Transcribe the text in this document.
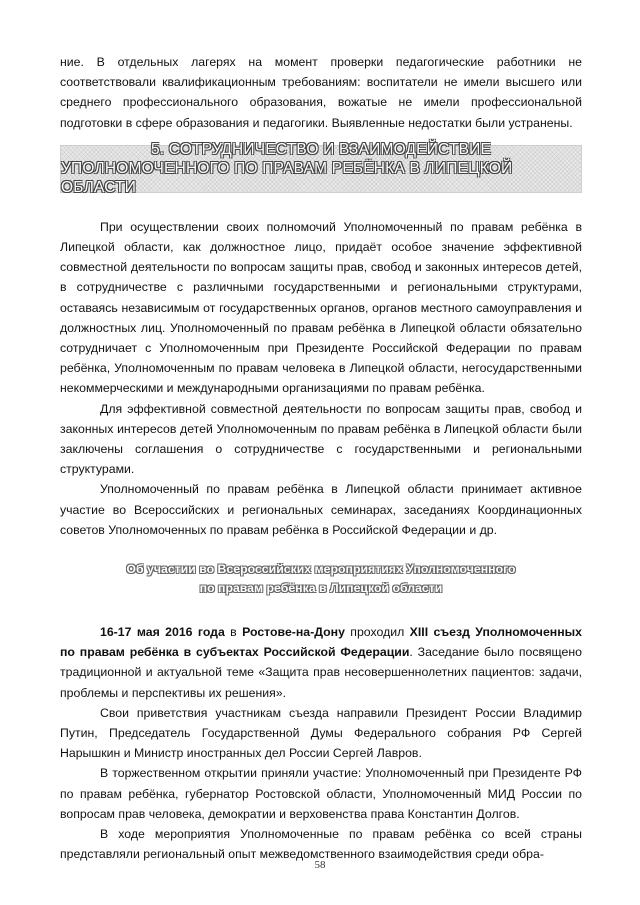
ние. В отдельных лагерях на момент проверки педагогические работники не соответствовали квалификационным требованиям: воспитатели не имели высшего или среднего профессионального образования, вожатые не имели профессиональной подготовки в сфере образования и педагогики. Выявленные недостатки были устранены.

5. СОТРУДНИЧЕСТВО И ВЗАИМОДЕЙСТВИЕ
УПОЛНОМОЧЕННОГО ПО ПРАВАМ РЕБЁНКА В ЛИПЕЦКОЙ ОБЛАСТИ

При осуществлении своих полномочий Уполномоченный по правам ребёнка в Липецкой области, как должностное лицо, придаёт особое значение эффективной совместной деятельности по вопросам защиты прав, свобод и законных интересов детей, в сотрудничестве с различными государственными и региональными структурами, оставаясь независимым от государственных органов, органов местного самоуправления и должностных лиц. Уполномоченный по правам ребёнка в Липецкой области обязательно сотрудничает с Уполномоченным при Президенте Российской Федерации по правам ребёнка, Уполномоченным по правам человека в Липецкой области, негосударственными некоммерческими и международными организациями по правам ребёнка.

Для эффективной совместной деятельности по вопросам защиты прав, свобод и законных интересов детей Уполномоченным по правам ребёнка в Липецкой области были заключены соглашения о сотрудничестве с государственными и региональными структурами.

Уполномоченный по правам ребёнка в Липецкой области принимает активное участие во Всероссийских и региональных семинарах, заседаниях Координационных советов Уполномоченных по правам ребёнка в Российской Федерации и др.

Об участии во Всероссийских мероприятиях Уполномоченного
по правам ребёнка в Липецкой области

16-17 мая 2016 года в Ростове-на-Дону проходил XIII съезд Уполномоченных по правам ребёнка в субъектах Российской Федерации. Заседание было посвящено традиционной и актуальной теме «Защита прав несовершеннолетних пациентов: задачи, проблемы и перспективы их решения».

Свои приветствия участникам съезда направили Президент России Владимир Путин, Председатель Государственной Думы Федерального собрания РФ Сергей Нарышкин и Министр иностранных дел России Сергей Лавров.

В торжественном открытии приняли участие: Уполномоченный при Президенте РФ по правам ребёнка, губернатор Ростовской области, Уполномоченный МИД России по вопросам прав человека, демократии и верховенства права Константин Долгов.

В ходе мероприятия Уполномоченные по правам ребёнка со всей страны представляли региональный опыт межведомственного взаимодействия среди обра-

58
